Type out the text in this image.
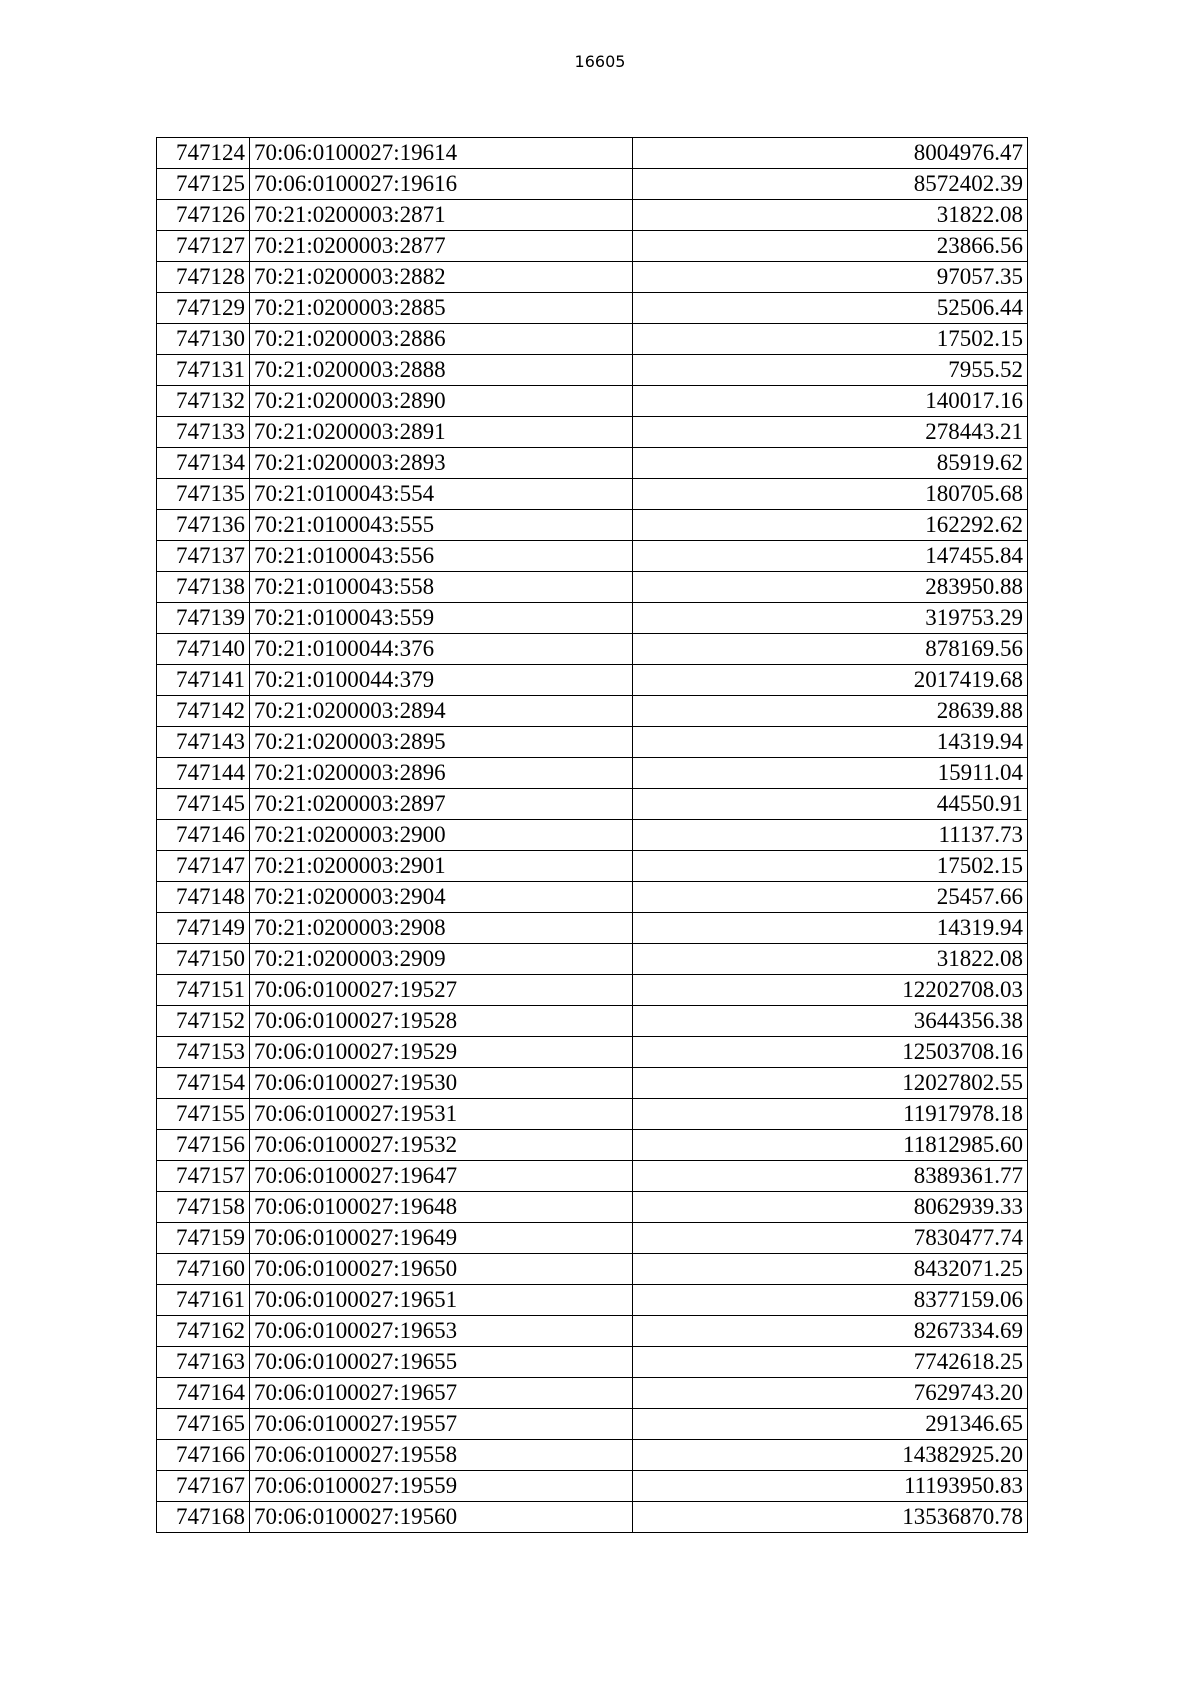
16605
747124	70:06:0100027:19614	8004976.47
747125	70:06:0100027:19616	8572402.39
747126	70:21:0200003:2871	31822.08
747127	70:21:0200003:2877	23866.56
747128	70:21:0200003:2882	97057.35
747129	70:21:0200003:2885	52506.44
747130	70:21:0200003:2886	17502.15
747131	70:21:0200003:2888	7955.52
747132	70:21:0200003:2890	140017.16
747133	70:21:0200003:2891	278443.21
747134	70:21:0200003:2893	85919.62
747135	70:21:0100043:554	180705.68
747136	70:21:0100043:555	162292.62
747137	70:21:0100043:556	147455.84
747138	70:21:0100043:558	283950.88
747139	70:21:0100043:559	319753.29
747140	70:21:0100044:376	878169.56
747141	70:21:0100044:379	2017419.68
747142	70:21:0200003:2894	28639.88
747143	70:21:0200003:2895	14319.94
747144	70:21:0200003:2896	15911.04
747145	70:21:0200003:2897	44550.91
747146	70:21:0200003:2900	11137.73
747147	70:21:0200003:2901	17502.15
747148	70:21:0200003:2904	25457.66
747149	70:21:0200003:2908	14319.94
747150	70:21:0200003:2909	31822.08
747151	70:06:0100027:19527	12202708.03
747152	70:06:0100027:19528	3644356.38
747153	70:06:0100027:19529	12503708.16
747154	70:06:0100027:19530	12027802.55
747155	70:06:0100027:19531	11917978.18
747156	70:06:0100027:19532	11812985.60
747157	70:06:0100027:19647	8389361.77
747158	70:06:0100027:19648	8062939.33
747159	70:06:0100027:19649	7830477.74
747160	70:06:0100027:19650	8432071.25
747161	70:06:0100027:19651	8377159.06
747162	70:06:0100027:19653	8267334.69
747163	70:06:0100027:19655	7742618.25
747164	70:06:0100027:19657	7629743.20
747165	70:06:0100027:19557	291346.65
747166	70:06:0100027:19558	14382925.20
747167	70:06:0100027:19559	11193950.83
747168	70:06:0100027:19560	13536870.78
